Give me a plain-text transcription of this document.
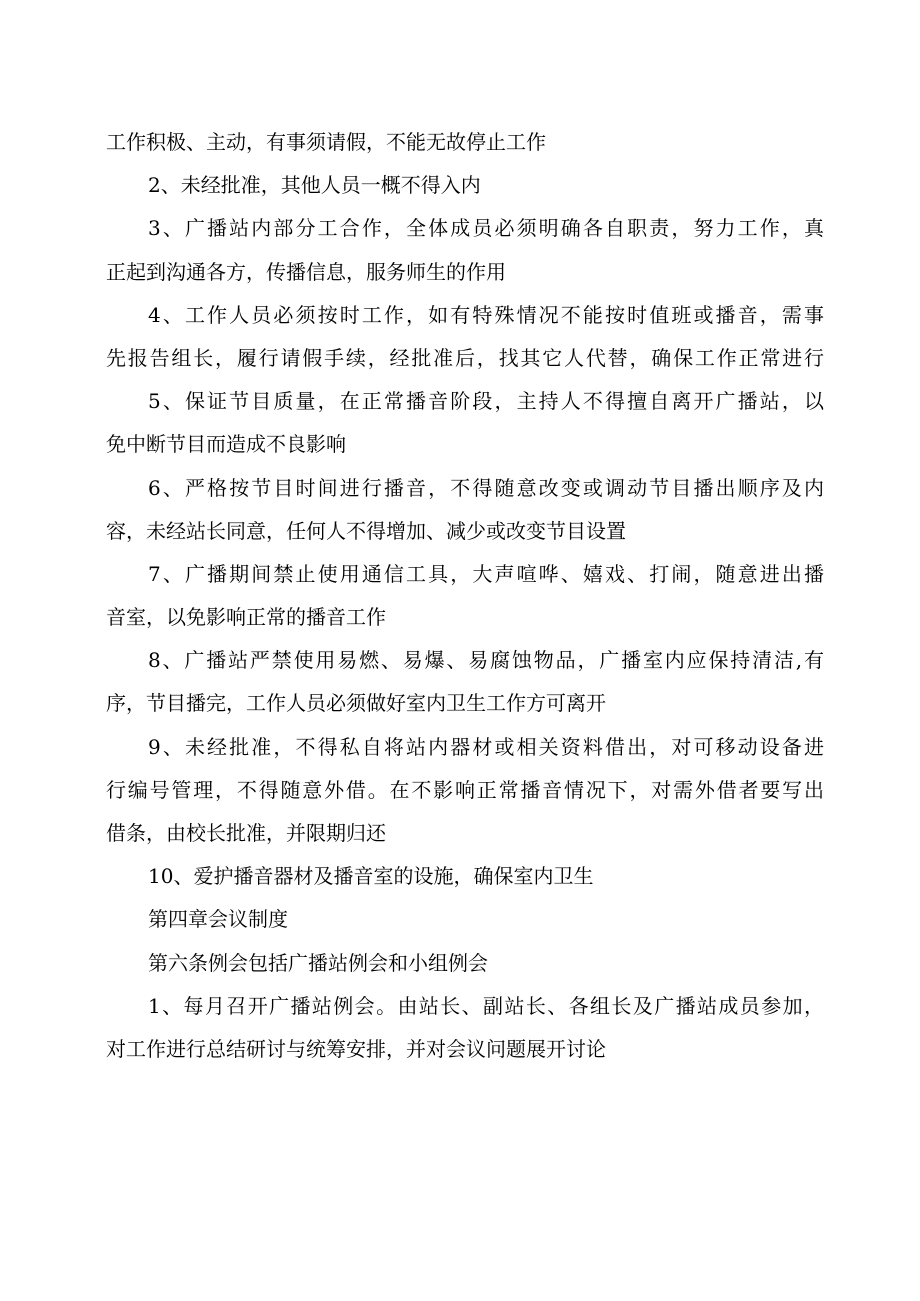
工作积极、主动，有事须请假，不能无故停止工作
2、未经批准，其他人员一概不得入内
3、广播站内部分工合作，全体成员必须明确各自职责，努力工作，真
正起到沟通各方，传播信息，服务师生的作用
4、工作人员必须按时工作，如有特殊情况不能按时值班或播音，需事
先报告组长，履行请假手续，经批准后，找其它人代替，确保工作正常进行
5、保证节目质量，在正常播音阶段，主持人不得擅自离开广播站，以
免中断节目而造成不良影响
6、严格按节目时间进行播音，不得随意改变或调动节目播出顺序及内
容，未经站长同意，任何人不得增加、减少或改变节目设置
7、广播期间禁止使用通信工具，大声喧哗、嬉戏、打闹，随意进出播
音室，以免影响正常的播音工作
8、广播站严禁使用易燃、易爆、易腐蚀物品，广播室内应保持清洁,有
序，节目播完，工作人员必须做好室内卫生工作方可离开
9、未经批准，不得私自将站内器材或相关资料借出，对可移动设备进
行编号管理，不得随意外借。在不影响正常播音情况下，对需外借者要写出
借条，由校长批准，并限期归还
10、爱护播音器材及播音室的设施，确保室内卫生
第四章会议制度
第六条例会包括广播站例会和小组例会
1、每月召开广播站例会。由站长、副站长、各组长及广播站成员参加，
对工作进行总结研讨与统筹安排，并对会议问题展开讨论
